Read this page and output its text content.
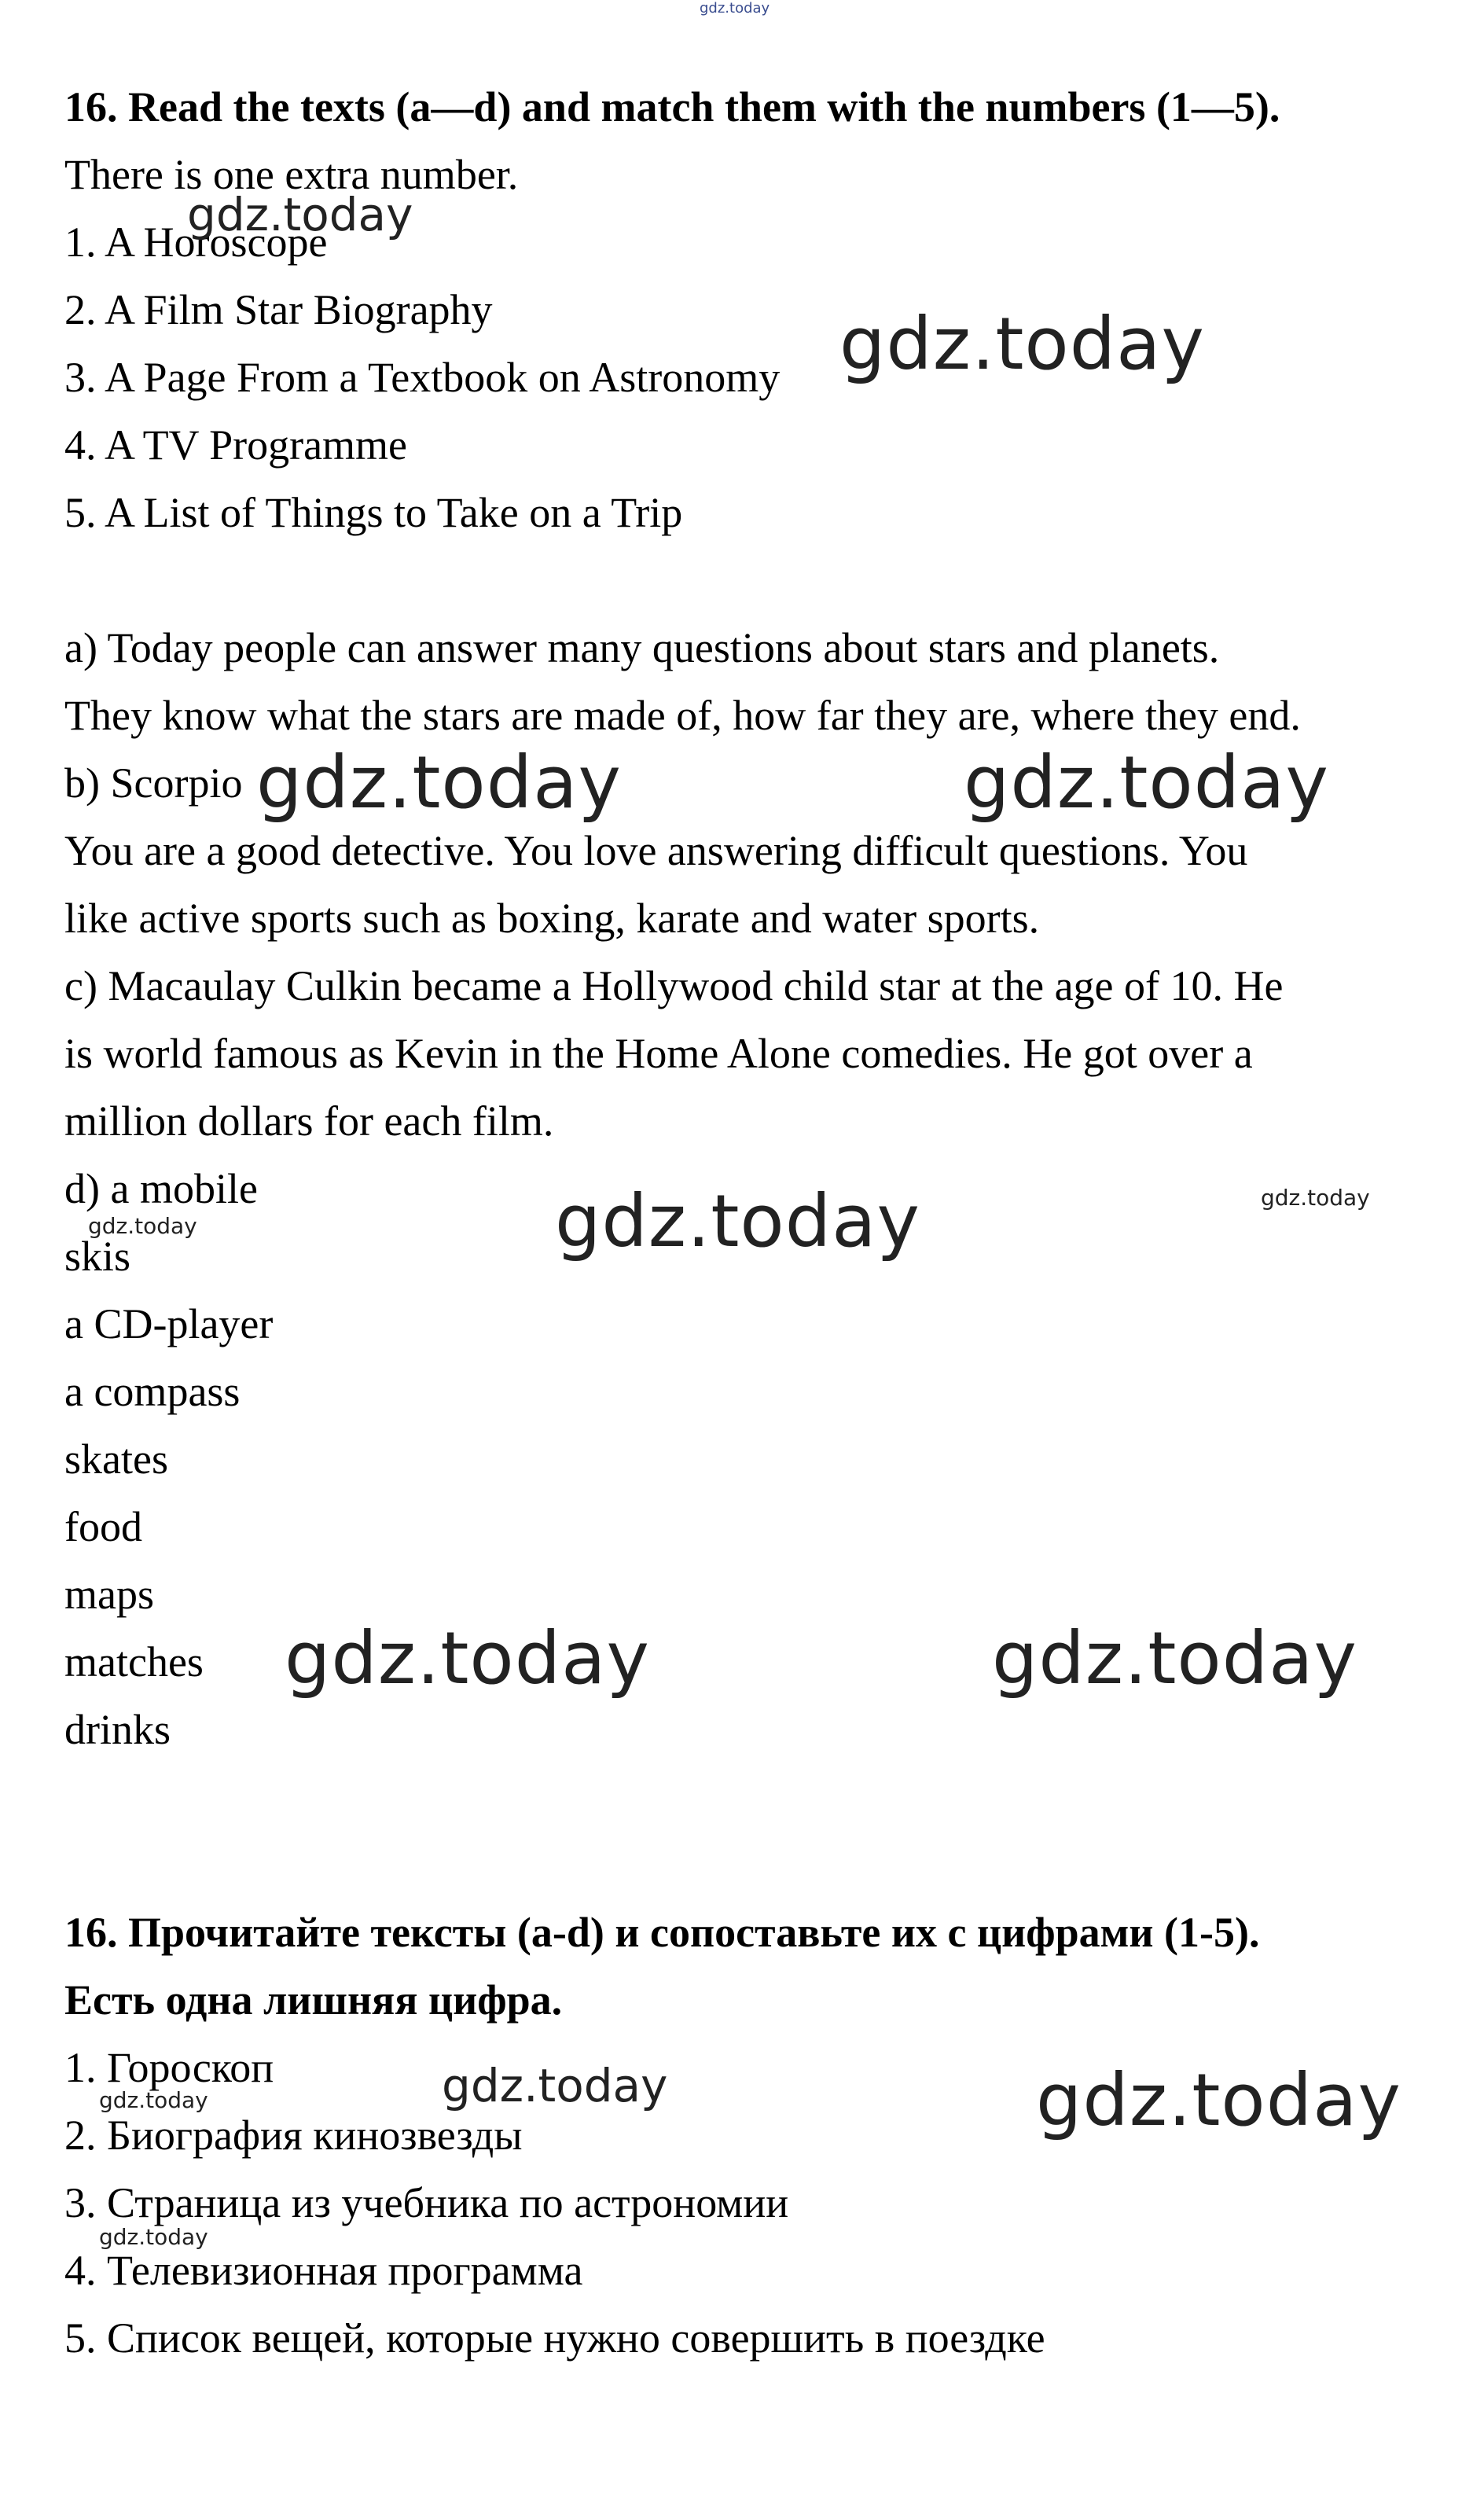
16. Read the texts (a—d) and match them with the numbers (1—5).
There is one extra number.
1. A Horoscope
2. A Film Star Biography
3. A Page From a Textbook on Astronomy
4. A TV Programme
5. A List of Things to Take on a Trip
a) Today people can answer many questions about stars and planets.
They know what the stars are made of, how far they are, where they end.
b) Scorpio
You are a good detective. You love answering difficult questions. You
like active sports such as boxing, karate and water sports.
c) Macaulay Culkin became a Hollywood child star at the age of 10. He
is world famous as Kevin in the Home Alone comedies. He got over a
million dollars for each film.
d) a mobile
skis
a CD-player
a compass
skates
food
maps
matches
drinks
16. Прочитайте тексты (a-d) и сопоставьте их с цифрами (1-5).
Есть одна лишняя цифра.
1. Гороскоп
2. Биография кинозвезды
3. Страница из учебника по астрономии
4. Телевизионная программа
5. Список вещей, которые нужно совершить в поездке
gdz.today
gdz.today
gdz.today
gdz.today	gdz.today
gdz.today	gdz.today
gdz.today
gdz.today	gdz.today
gdz.today	gdz.today
gdz.today
gdz.today
